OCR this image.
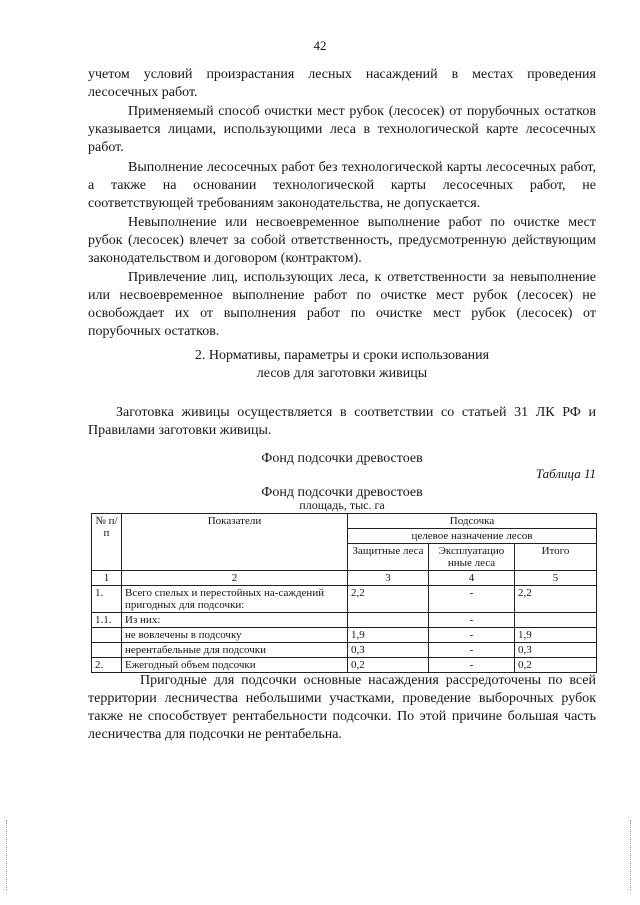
42

учетом условий произрастания лесных насаждений в местах проведения лесосечных работ.

Применяемый способ очистки мест рубок (лесосек) от порубочных остатков указывается лицами, использующими леса в технологической карте лесосечных работ.

Выполнение лесосечных работ без технологической карты лесосечных работ, а также на основании технологической карты лесосечных работ, не соответствующей требованиям законодательства, не допускается.

Невыполнение или несвоевременное выполнение работ по очистке мест рубок (лесосек) влечет за собой ответственность, предусмотренную действующим законодательством и договором (контрактом).

Привлечение лиц, использующих леса, к ответственности за невыполнение или несвоевременное выполнение работ по очистке мест рубок (лесосек) не освобождает их от выполнения работ по очистке мест рубок (лесосек) от порубочных остатков.

2. Нормативы, параметры и сроки использования
лесов для заготовки живицы

Заготовка живицы осуществляется в соответствии со статьей 31 ЛК РФ и Правилами заготовки живицы.

Фонд подсочки древостоев
Таблица 11
Фонд подсочки древостоев
площадь, тыс. га
№ п/п	Показатели	Подсочка		
		целевое назначение лесов		
		Защитные леса	Эксплуатацио нные леса	Итого
1	2	3	4	5
1.	Всего спелых и перестойных на-саждений пригодных для подсочки:	2,2	-	2,2
1.1.	Из них:		-	
	не вовлечены в подсочку	1,9	-	1,9
	нерентабельные для подсочки	0,3	-	0,3
2.	Ежегодный объем подсочки	0,2	-	0,2

Пригодные для подсочки основные насаждения рассредоточены по всей территории лесничества небольшими участками, проведение выборочных рубок также не способствует рентабельности подсочки. По этой причине большая часть лесничества для подсочки не рентабельна.
